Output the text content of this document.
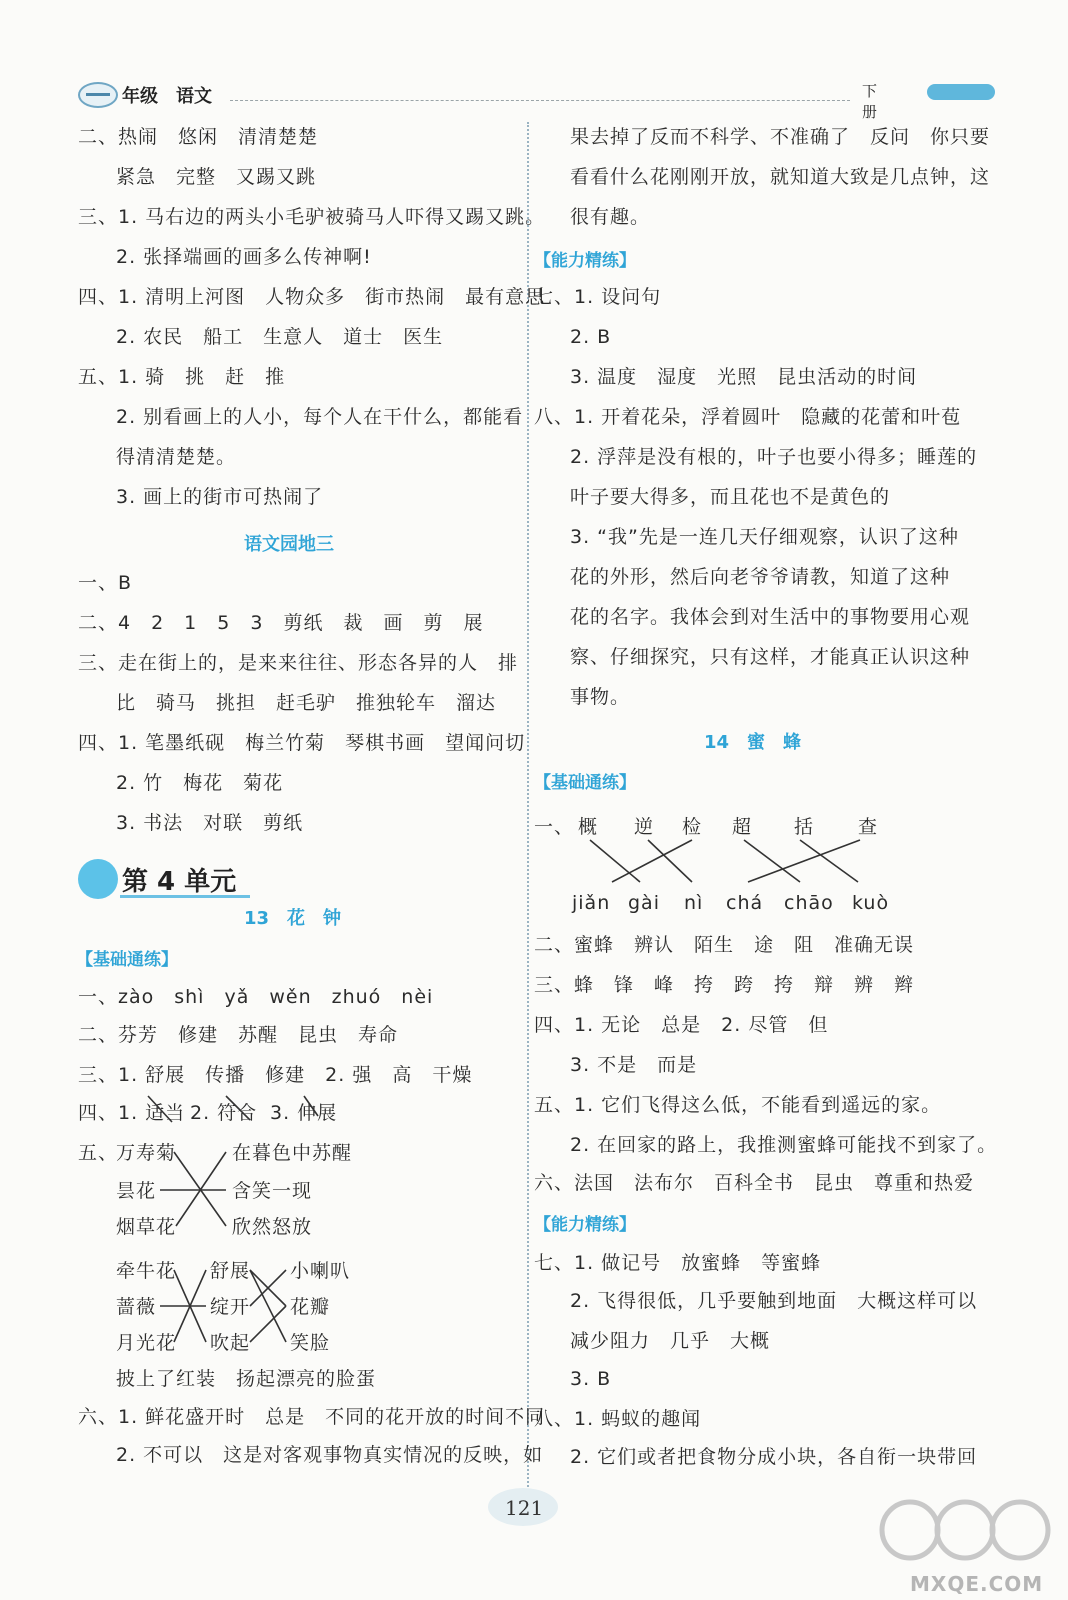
年级 语文	下册
二、热闹　悠闲　清清楚楚
紧急　完整　又踢又跳
三、1. 马右边的两头小毛驴被骑马人吓得又踢又跳。
2. 张择端画的画多么传神啊!
四、1. 清明上河图　人物众多　街市热闹　最有意思
2. 农民　船工　生意人　道士　医生
五、1. 骑　挑　赶　推
2. 别看画上的人小，每个人在干什么，都能看
得清清楚楚。
3. 画上的街市可热闹了
语文园地三
一、B
二、4　2　1　5　3　剪纸　裁　画　剪　展
三、走在街上的，是来来往往、形态各异的人　排
比　骑马　挑担　赶毛驴　推独轮车　溜达
四、1. 笔墨纸砚　梅兰竹菊　琴棋书画　望闻问切
2. 竹　梅花　菊花
3. 书法　对联　剪纸
第 4 单元
13　花　钟
【基础通练】
一、zào　shì　yǎ　wěn　zhuó　nèi
二、芬芳　修建　苏醒　昆虫　寿命
三、1. 舒展　传播　修建　2. 强　高　干燥
四、1. 适当 2. 符合 3. 伸展
五、
万寿菊
昙花
烟草花
在暮色中苏醒
含笑一现
欣然怒放
牵牛花
蔷薇
月光花
舒展
绽开
吹起
小喇叭
花瓣
笑脸
披上了红装　扬起漂亮的脸蛋
六、1. 鲜花盛开时　总是　不同的花开放的时间不同
2. 不可以　这是对客观事物真实情况的反映，如
果去掉了反而不科学、不准确了　反问　你只要
看看什么花刚刚开放，就知道大致是几点钟，这
很有趣。
【能力精练】
七、1. 设问句
2. B
3. 温度　湿度　光照　昆虫活动的时间
八、1. 开着花朵，浮着圆叶　隐藏的花蕾和叶苞
2. 浮萍是没有根的，叶子也要小得多；睡莲的
叶子要大得多，而且花也不是黄色的
3. “我”先是一连几天仔细观察，认识了这种
花的外形，然后向老爷爷请教，知道了这种
花的名字。我体会到对生活中的事物要用心观
察、仔细探究，只有这样，才能真正认识这种
事物。
14　蜜　蜂
【基础通练】
一、 概 逆 检 超 括 查
jiǎn gài nì chá chāo kuò
二、蜜蜂　辨认　陌生　途　阻　准确无误
三、蜂　锋　峰　挎　跨　挎　辩　辨　辫
四、1. 无论　总是　2. 尽管　但
3. 不是　而是
五、1. 它们飞得这么低，不能看到遥远的家。
2. 在回家的路上，我推测蜜蜂可能找不到家了。
六、法国　法布尔　百科全书　昆虫　尊重和热爱
【能力精练】
七、1. 做记号　放蜜蜂　等蜜蜂
2. 飞得很低，几乎要触到地面　大概这样可以
减少阻力　几乎　大概
3. B
八、1. 蚂蚁的趣闻
2. 它们或者把食物分成小块，各自衔一块带回
121
MXQE.COM
